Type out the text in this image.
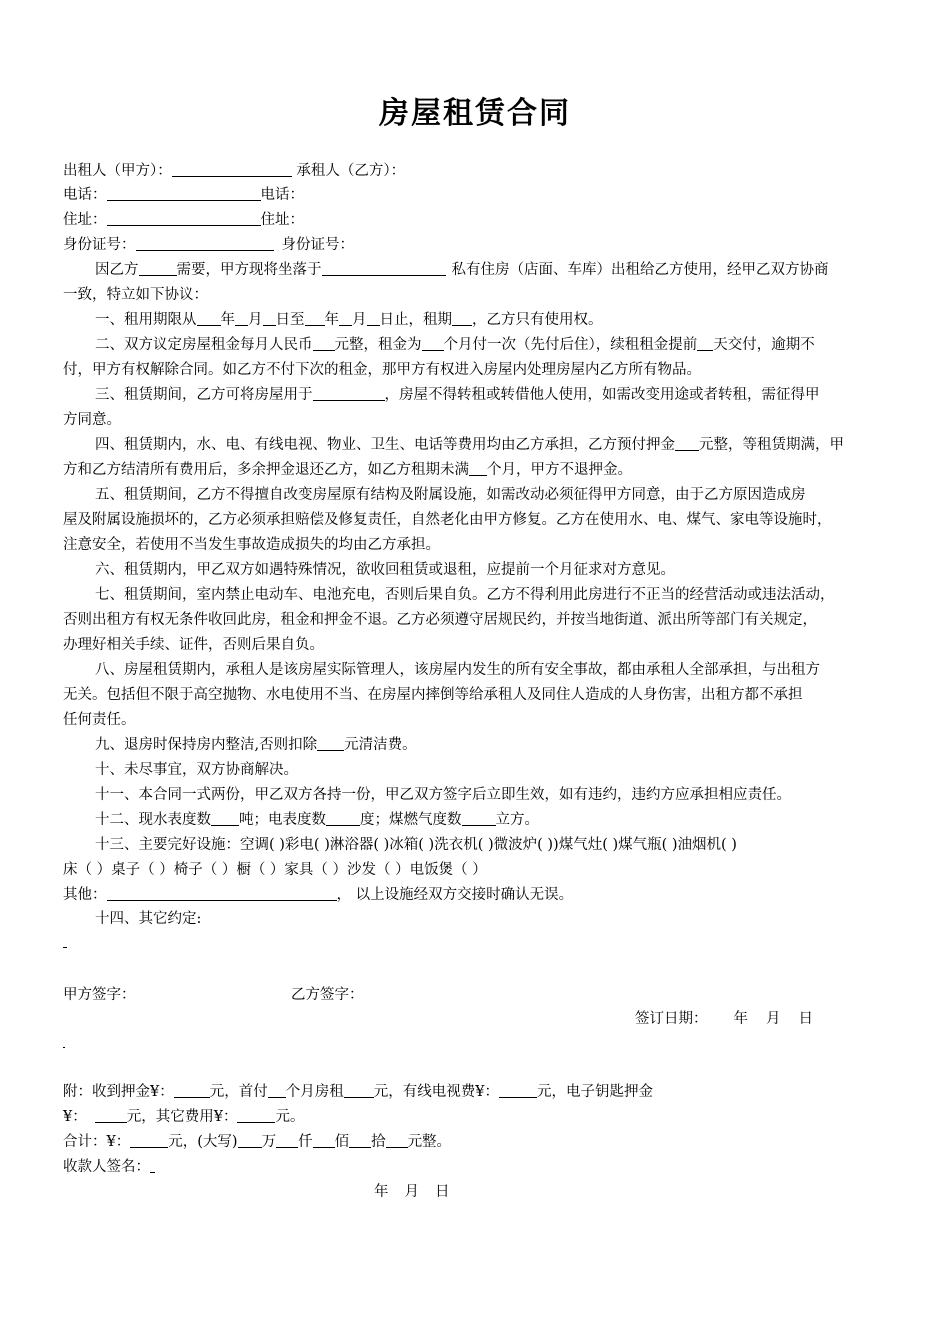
房屋租赁合同
出租人（甲方）：	承租人（乙方）：
电话：	电话：
住址：	住址：
身份证号：	身份证号：
因乙方	需要，甲方现将坐落于	私有住房（店面、车库）出租给乙方使用，经甲乙双方协商
一致，特立如下协议：
一、租用期限从 年 月 日至 年 月 日止，租期 ，乙方只有使用权。
二、双方议定房屋租金每月人民币 元整，租金为 个月付一次（先付后住），续租租金提前 天交付，逾期不
付，甲方有权解除合同。如乙方不付下次的租金，那甲方有权进入房屋内处理房屋内乙方所有物品。
三、租赁期间，乙方可将房屋用于	，房屋不得转租或转借他人使用，如需改变用途或者转租，需征得甲
方同意。
四、租赁期内，水、电、有线电视、物业、卫生、电话等费用均由乙方承担，乙方预付押金 元整，等租赁期满，甲
方和乙方结清所有费用后，多余押金退还乙方，如乙方租期未满 个月，甲方不退押金。
五、租赁期间，乙方不得擅自改变房屋原有结构及附属设施，如需改动必须征得甲方同意，由于乙方原因造成房
屋及附属设施损坏的，乙方必须承担赔偿及修复责任，自然老化由甲方修复。乙方在使用水、电、煤气、家电等设施时，
注意安全，若使用不当发生事故造成损失的均由乙方承担。
六、租赁期内，甲乙双方如遇特殊情况，欲收回租赁或退租，应提前一个月征求对方意见。
七、租赁期间，室内禁止电动车、电池充电，否则后果自负。乙方不得利用此房进行不正当的经营活动或违法活动，
否则出租方有权无条件收回此房，租金和押金不退。乙方必须遵守居规民约，并按当地街道、派出所等部门有关规定，
办理好相关手续、证件，否则后果自负。
八、房屋租赁期内，承租人是该房屋实际管理人，该房屋内发生的所有安全事故，都由承租人全部承担，与出租方
无关。包括但不限于高空抛物、水电使用不当、在房屋内摔倒等给承租人及同住人造成的人身伤害，出租方都不承担
任何责任。
九、退房时保持房内整洁,否则扣除 元清洁费。
十、未尽事宜，双方协商解决。
十一、本合同一式两份，甲乙双方各持一份，甲乙双方签字后立即生效，如有违约，违约方应承担相应责任。
十二、现水表度数 吨；电表度数 度；煤燃气度数 立方。
十三、主要完好设施：空调( )彩电( )淋浴器( )冰箱( )洗衣机( )微波炉( ))煤气灶( )煤气瓶( )油烟机( )
床（ ）桌子（ ）椅子（ ）橱（ ）家具（ ）沙发（ ）电饭煲（ ）
其他：	， 以上设施经双方交接时确认无误。
十四、其它约定:
甲方签字：	乙方签字：
签订日期： 年 月 日
附：收到押金¥： 元，首付 个月房租 元，有线电视费¥：	元，电子钥匙押金
¥：	元，其它费用¥：	元。
合计：¥：	元，(大写) 万 仟 佰 拾 元整。
收款人签名：
年 月 日
